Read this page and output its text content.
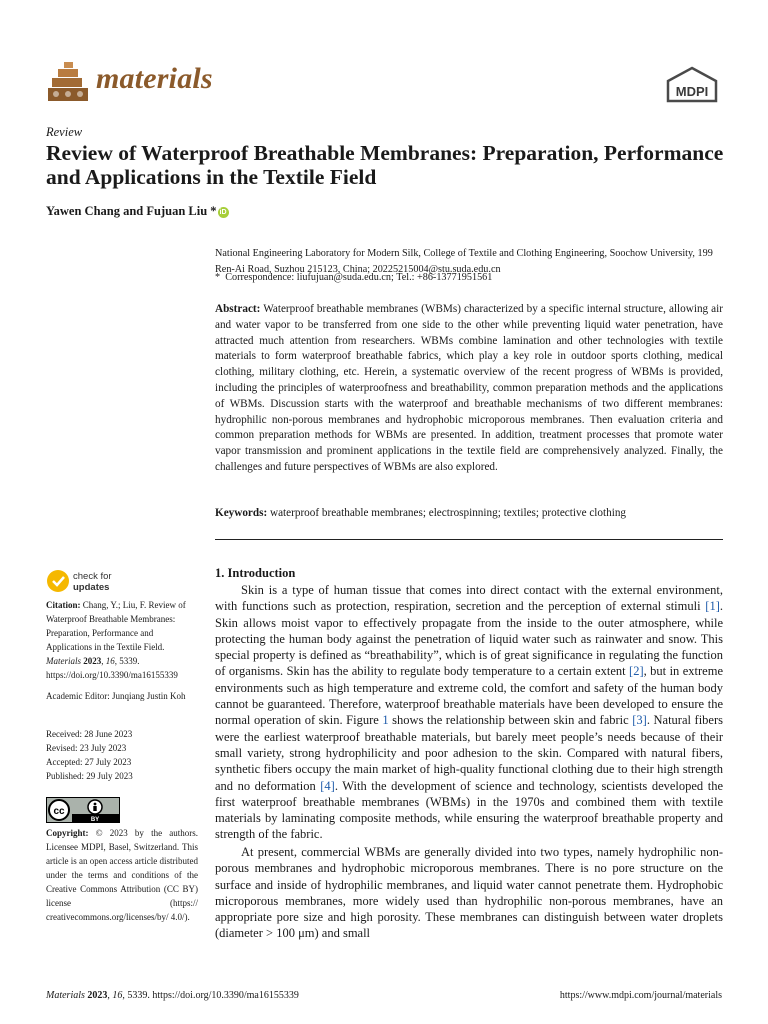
materials	MDPI
Review
Review of Waterproof Breathable Membranes: Preparation, Performance and Applications in the Textile Field
Yawen Chang and Fujuan Liu * iD
National Engineering Laboratory for Modern Silk, College of Textile and Clothing Engineering, Soochow University, 199 Ren-Ai Road, Suzhou 215123, China; 20225215004@stu.suda.edu.cn
* Correspondence: liufujuan@suda.edu.cn; Tel.: +86-13771951561
Abstract: Waterproof breathable membranes (WBMs) characterized by a specific internal structure, allowing air and water vapor to be transferred from one side to the other while preventing liquid water penetration, have attracted much attention from researchers. WBMs combine lamination and other technologies with textile materials to form waterproof breathable fabrics, which play a key role in outdoor sports clothing, medical clothing, military clothing, etc. Herein, a systematic overview of the recent progress of WBMs is provided, including the principles of waterproofness and breathability, common preparation methods and the applications of WBMs. Discussion starts with the waterproof and breathable mechanisms of two different membranes: hydrophilic non-porous membranes and hydrophobic microporous membranes. Then evaluation criteria and common preparation methods for WBMs are presented. In addition, treatment processes that promote water vapor transmission and prominent applications in the textile field are comprehensively analyzed. Finally, the challenges and future perspectives of WBMs are also explored.
Keywords: waterproof breathable membranes; electrospinning; textiles; protective clothing
1. Introduction
Skin is a type of human tissue that comes into direct contact with the external environment, with functions such as protection, respiration, secretion and the perception of external stimuli [1]. Skin allows moist vapor to effectively propagate from the inside to the outer atmosphere, while protecting the human body against the penetration of liquid water such as rainwater and snow. This special property is defined as “breathability”, which is of great significance in regulating the function of organisms. Skin has the ability to regulate body temperature to a certain extent [2], but in extreme environments such as high temperature and extreme cold, the comfort and safety of the human body cannot be guaranteed. Therefore, waterproof breathable materials have been developed to ensure the normal operation of skin. Figure 1 shows the relationship between skin and fabric [3]. Natural fibers were the earliest waterproof breathable materials, but barely meet people’s needs because of their small variety, strong hydrophilicity and poor adhesion to the skin. Compared with natural fibers, synthetic fibers occupy the main market of high-quality functional clothing due to their high strength and no deformation [4]. With the development of science and technology, scientists developed the first waterproof breathable membranes (WBMs) in the 1970s and combined them with textile materials by laminating composite methods, while ensuring the waterproof breathable property and strength of the fabric.
At present, commercial WBMs are generally divided into two types, namely hydrophilic non-porous membranes and hydrophobic microporous membranes. There is no pore structure on the surface and inside of hydrophilic membranes, and liquid water cannot penetrate them. Hydrophobic microporous membranes, more widely used than hydrophilic non-porous membranes, have an appropriate pore size and high porosity. These membranes can distinguish between water droplets (diameter > 100 μm) and small
check for
updates
Citation: Chang, Y.; Liu, F. Review of Waterproof Breathable Membranes: Preparation, Performance and Applications in the Textile Field. Materials 2023, 16, 5339. https://doi.org/10.3390/ma16155339
Academic Editor: Junqiang Justin Koh
Received: 28 June 2023
Revised: 23 July 2023
Accepted: 27 July 2023
Published: 29 July 2023
cc
BY
Copyright: © 2023 by the authors. Licensee MDPI, Basel, Switzerland. This article is an open access article distributed under the terms and conditions of the Creative Commons Attribution (CC BY) license (https:// creativecommons.org/licenses/by/ 4.0/).
Materials 2023, 16, 5339. https://doi.org/10.3390/ma16155339	https://www.mdpi.com/journal/materials
